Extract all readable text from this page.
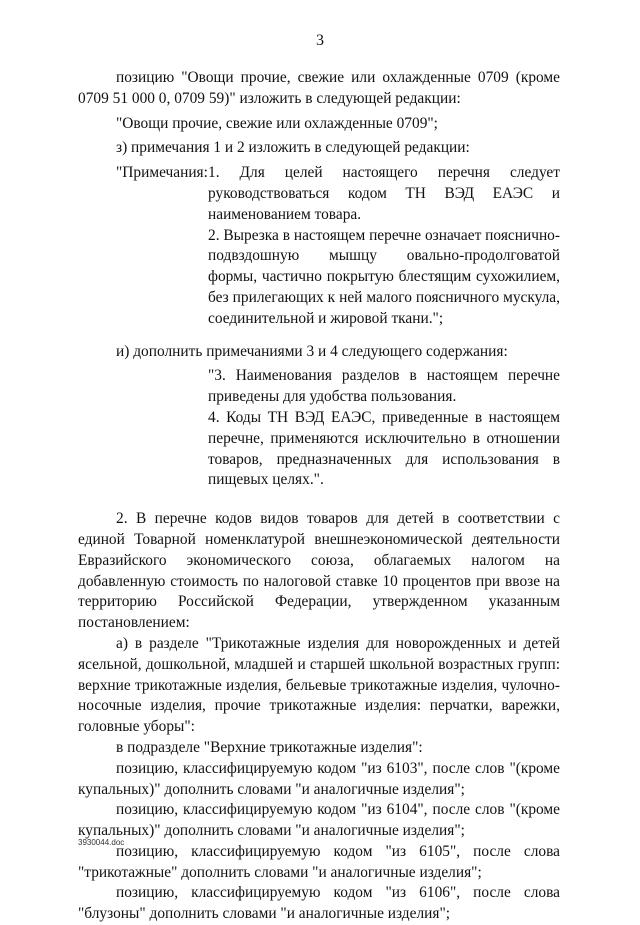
3

позицию "Овощи прочие, свежие или охлажденные 0709 (кроме 0709 51 000 0, 0709 59)" изложить в следующей редакции:

"Овощи прочие, свежие или охлажденные 0709";

з) примечания 1 и 2 изложить в следующей редакции:

"Примечания: 1. Для целей настоящего перечня следует руководствоваться кодом ТН ВЭД ЕАЭС и наименованием товара.

2. Вырезка в настоящем перечне означает поясничнo-подвздошную мышцу овально-продолговатой формы, частично покрытую блестящим сухожилием, без прилегающих к ней малого поясничного мускула, соединительной и жировой ткани.";

и) дополнить примечаниями 3 и 4 следующего содержания:

"3. Наименования разделов в настоящем перечне приведены для удобства пользования.

4. Коды ТН ВЭД ЕАЭС, приведенные в настоящем перечне, применяются исключительно в отношении товаров, предназначенных для использования в пищевых целях.".

2. В перечне кодов видов товаров для детей в соответствии с единой Товарной номенклатурой внешнеэкономической деятельности Евразийского экономического союза, облагаемых налогом на добавленную стоимость по налоговой ставке 10 процентов при ввозе на территорию Российской Федерации, утвержденном указанным постановлением:

а) в разделе "Трикотажные изделия для новорожденных и детей ясельной, дошкольной, младшей и старшей школьной возрастных групп: верхние трикотажные изделия, бельевые трикотажные изделия, чулочно-носочные изделия, прочие трикотажные изделия: перчатки, варежки, головные уборы":

в подразделе "Верхние трикотажные изделия":

позицию, классифицируемую кодом "из 6103", после слов "(кроме купальных)" дополнить словами "и аналогичные изделия";

позицию, классифицируемую кодом "из 6104", после слов "(кроме купальных)" дополнить словами "и аналогичные изделия";

позицию, классифицируемую кодом "из 6105", после слова "трикотажные" дополнить словами "и аналогичные изделия";

позицию, классифицируемую кодом "из 6106", после слова "блузоны" дополнить словами "и аналогичные изделия";

3930044.doc
